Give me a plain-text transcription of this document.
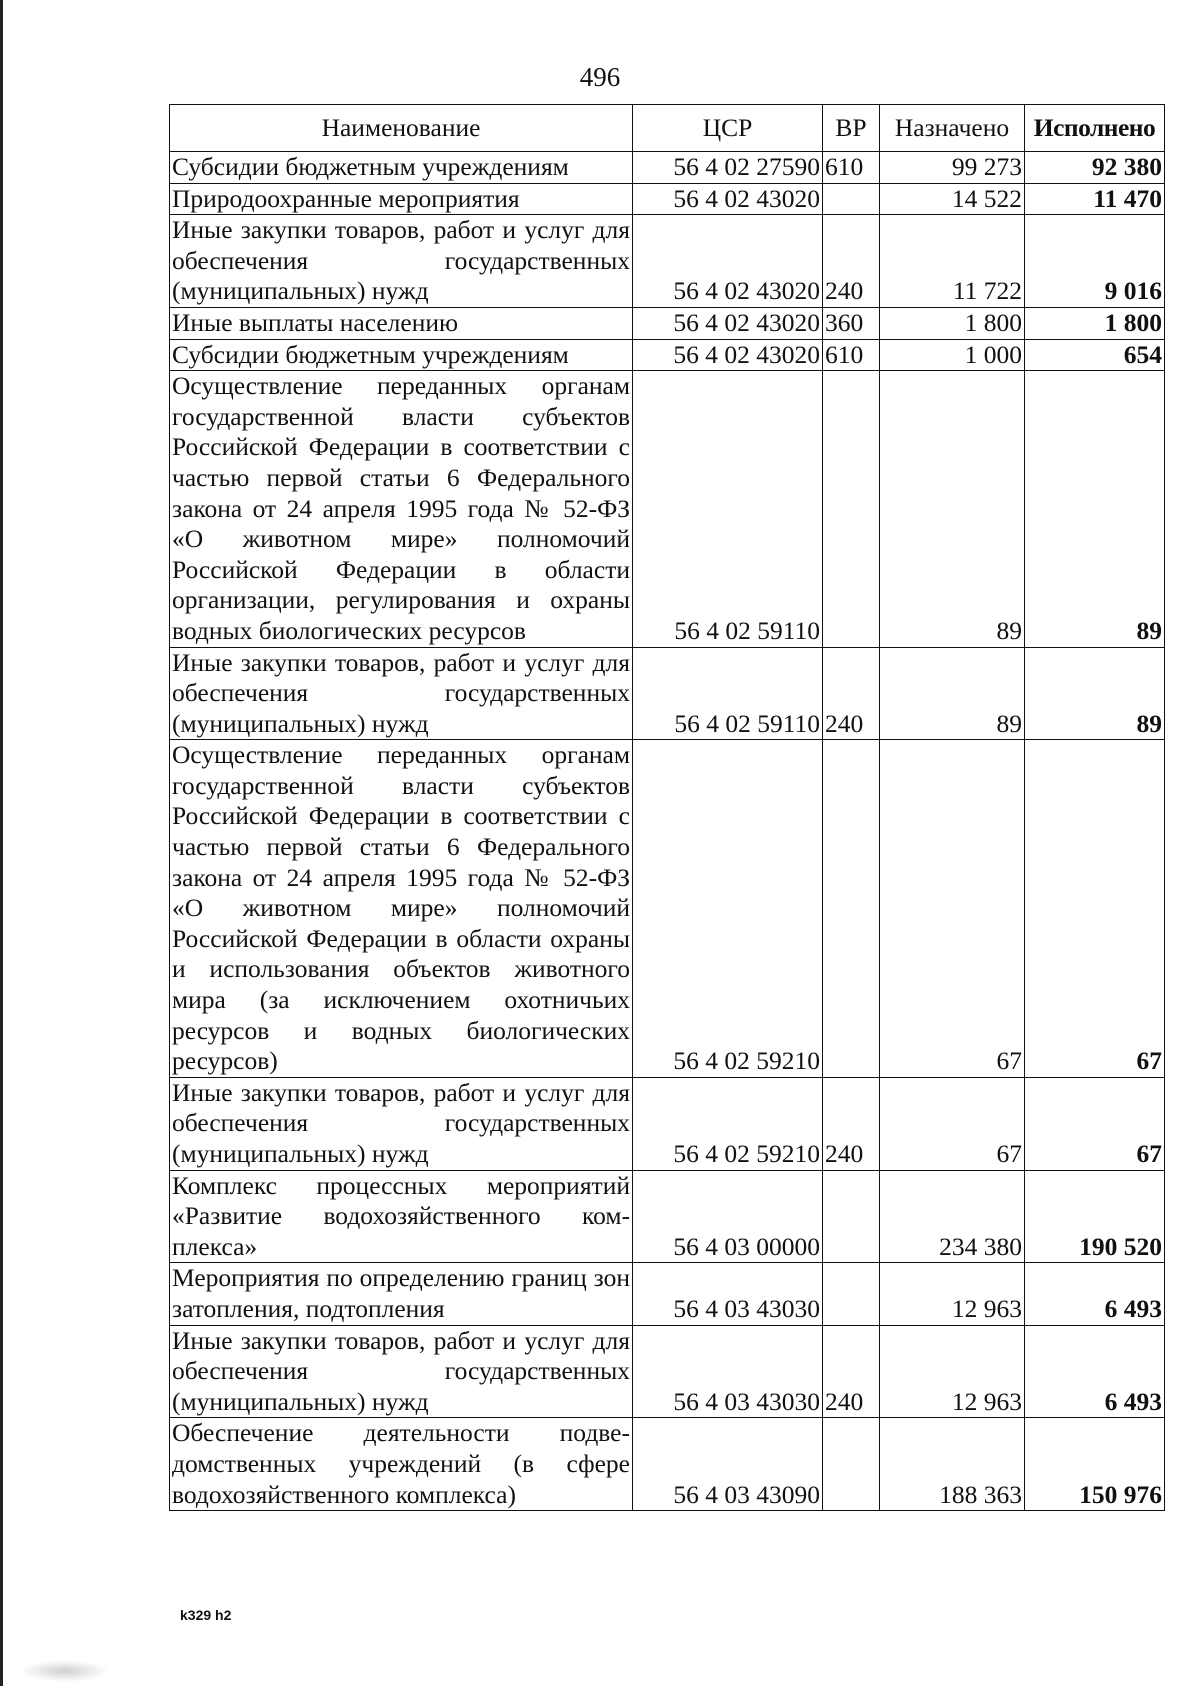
496
Наименование	ЦСР	ВР	Назначено	Исполнено
Субсидии бюджетным учреждениям	56 4 02 27590	610	99 273	92 380
Природоохранные мероприятия	56 4 02 43020		14 522	11 470
Иные закупки товаров, работ и услуг для обеспечения государственных (муниципальных) нужд	56 4 02 43020	240	11 722	9 016
Иные выплаты населению	56 4 02 43020	360	1 800	1 800
Субсидии бюджетным учреждениям	56 4 02 43020	610	1 000	654
Осуществление переданных органам государственной власти субъектов Российской Федерации в соответствии с частью первой статьи 6 Федерального закона от 24 апреля 1995 года № 52-ФЗ «О животном мире» полномочий Российской Федерации в области организации, регулирования и охраны водных биологических ресурсов	56 4 02 59110		89	89
Иные закупки товаров, работ и услуг для обеспечения государственных (муниципальных) нужд	56 4 02 59110	240	89	89
Осуществление переданных органам государственной власти субъектов Российской Федерации в соответствии с частью первой статьи 6 Федерального закона от 24 апреля 1995 года № 52-ФЗ «О животном мире» полномочий Российской Федерации в области охраны и использования объектов животного мира (за исключением охотничьих ресурсов и водных биологических ресурсов)	56 4 02 59210		67	67
Иные закупки товаров, работ и услуг для обеспечения государственных (муниципальных) нужд	56 4 02 59210	240	67	67
Комплекс процессных мероприятий «Развитие водохозяйственного комплекса»	56 4 03 00000		234 380	190 520
Мероприятия по определению границ зон затопления, подтопления	56 4 03 43030		12 963	6 493
Иные закупки товаров, работ и услуг для обеспечения государственных (муниципальных) нужд	56 4 03 43030	240	12 963	6 493
Обеспечение деятельности подведомственных учреждений (в сфере водохозяйственного комплекса)	56 4 03 43090		188 363	150 976
k329 h2
